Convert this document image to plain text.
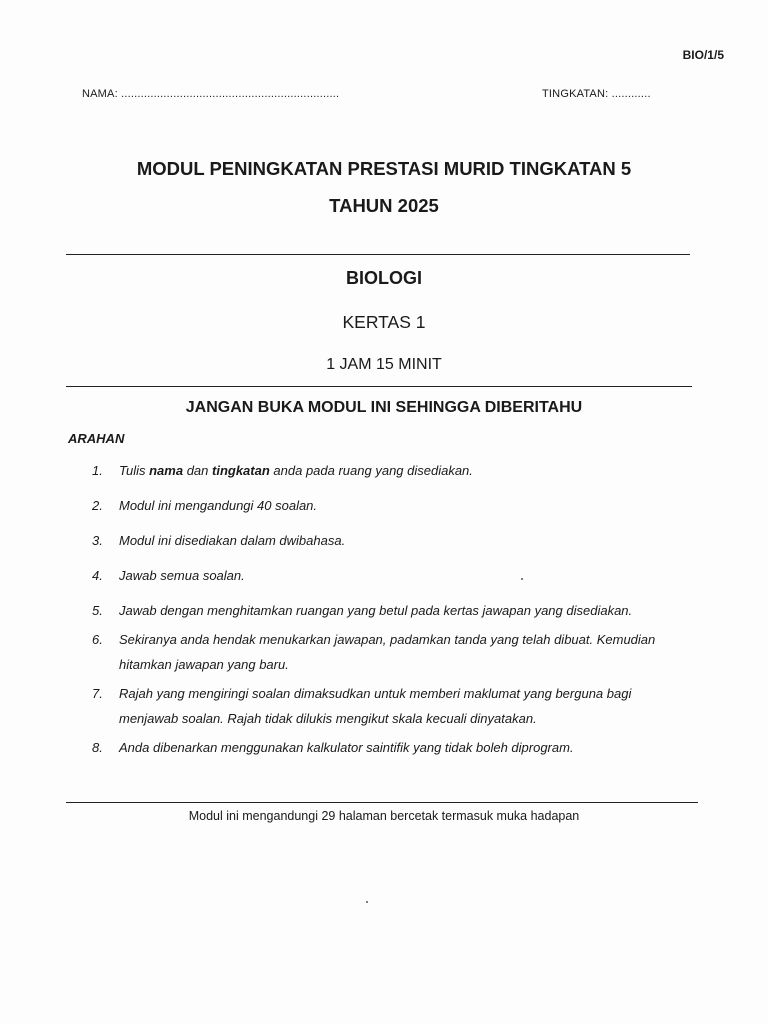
BIO/1/5
NAMA: ...................................................................	TINGKATAN: ............
MODUL PENINGKATAN PRESTASI MURID TINGKATAN 5
TAHUN 2025
BIOLOGI
KERTAS 1
1 JAM 15 MINIT
JANGAN BUKA MODUL INI SEHINGGA DIBERITAHU
ARAHAN
1.	Tulis nama dan tingkatan anda pada ruang yang disediakan.
2.	Modul ini mengandungi 40 soalan.
3.	Modul ini disediakan dalam dwibahasa.
4.	Jawab semua soalan.
5.	Jawab dengan menghitamkan ruangan yang betul pada kertas jawapan yang disediakan.
6.	Sekiranya anda hendak menukarkan jawapan, padamkan tanda yang telah dibuat. Kemudian hitamkan jawapan yang baru.
7.	Rajah yang mengiringi soalan dimaksudkan untuk memberi maklumat yang berguna bagi menjawab soalan. Rajah tidak dilukis mengikut skala kecuali dinyatakan.
8.	Anda dibenarkan menggunakan kalkulator saintifik yang tidak boleh diprogram.
Modul ini mengandungi 29 halaman bercetak termasuk muka hadapan
